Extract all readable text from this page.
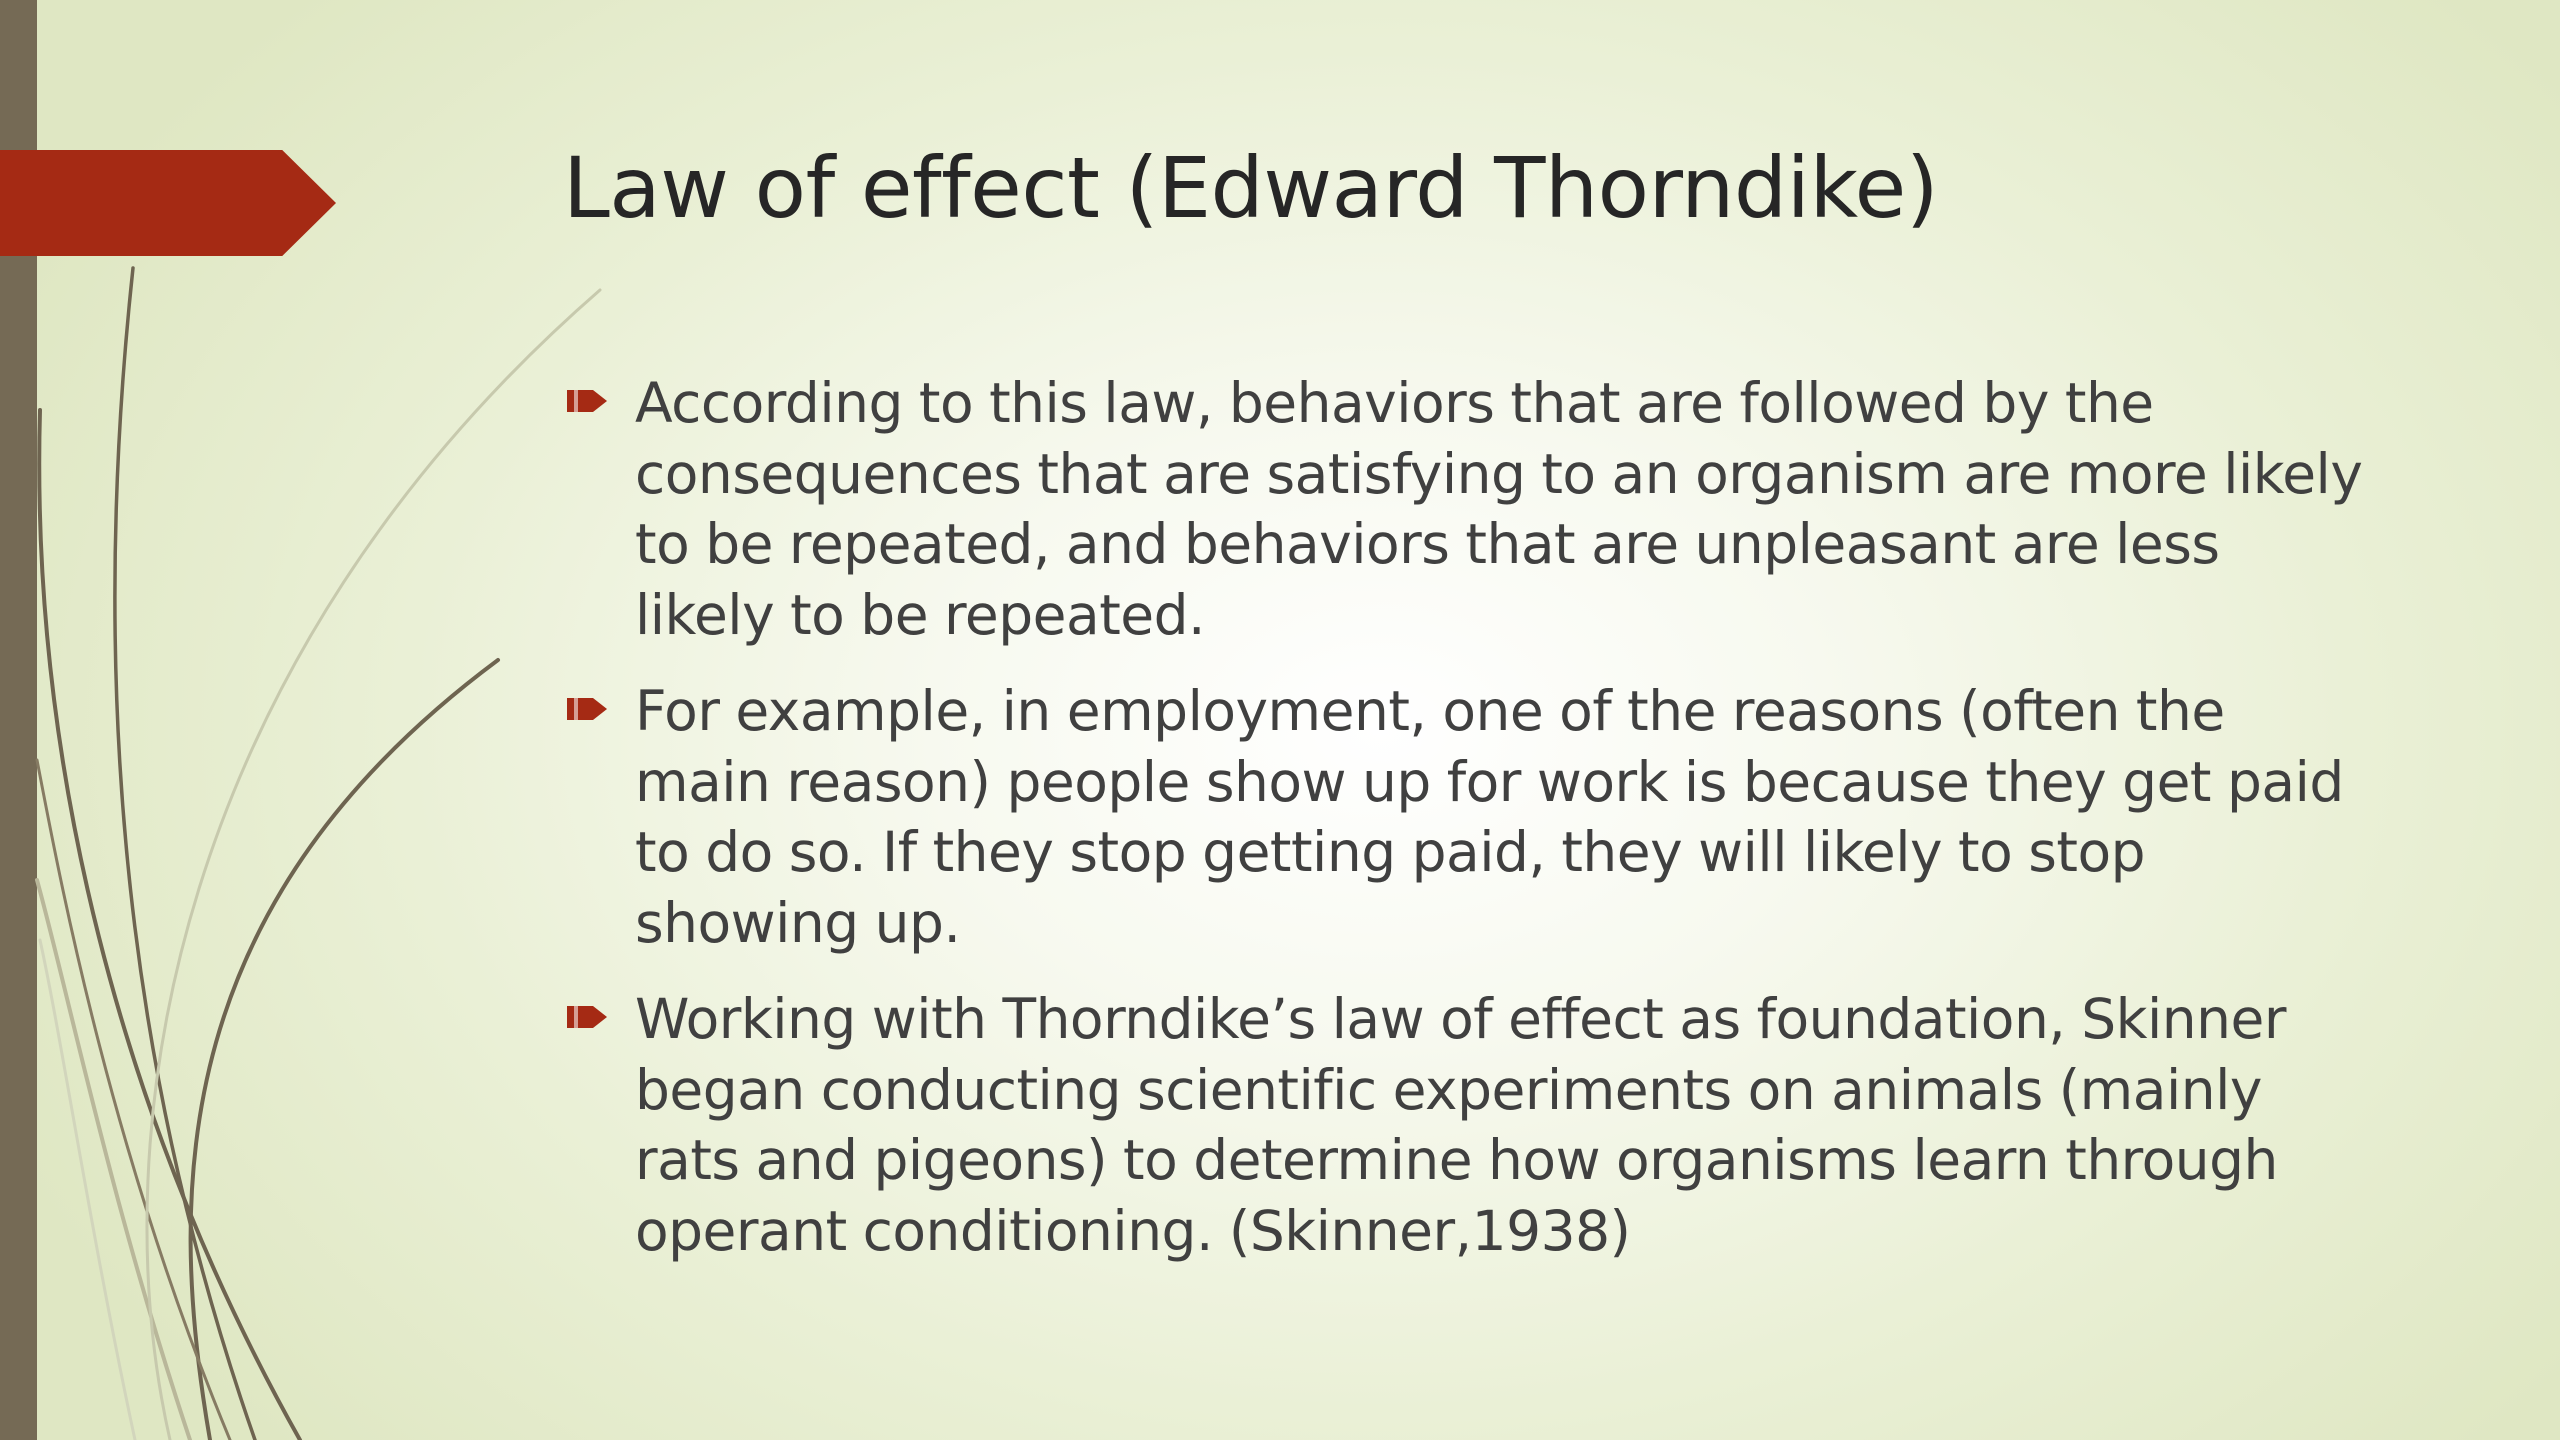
Law of effect (Edward Thorndike)
According to this law, behaviors that are followed by the consequences that are satisfying to an organism are more likely to be repeated, and behaviors that are unpleasant are less likely to be repeated.
For example, in employment, one of the reasons (often the main reason) people show up for work is because they get paid to do so. If they stop getting paid, they will likely to stop showing up.
Working with Thorndike’s law of effect as foundation, Skinner began conducting scientific experiments on animals (mainly rats and pigeons) to determine how organisms learn through operant conditioning. (Skinner,1938)
